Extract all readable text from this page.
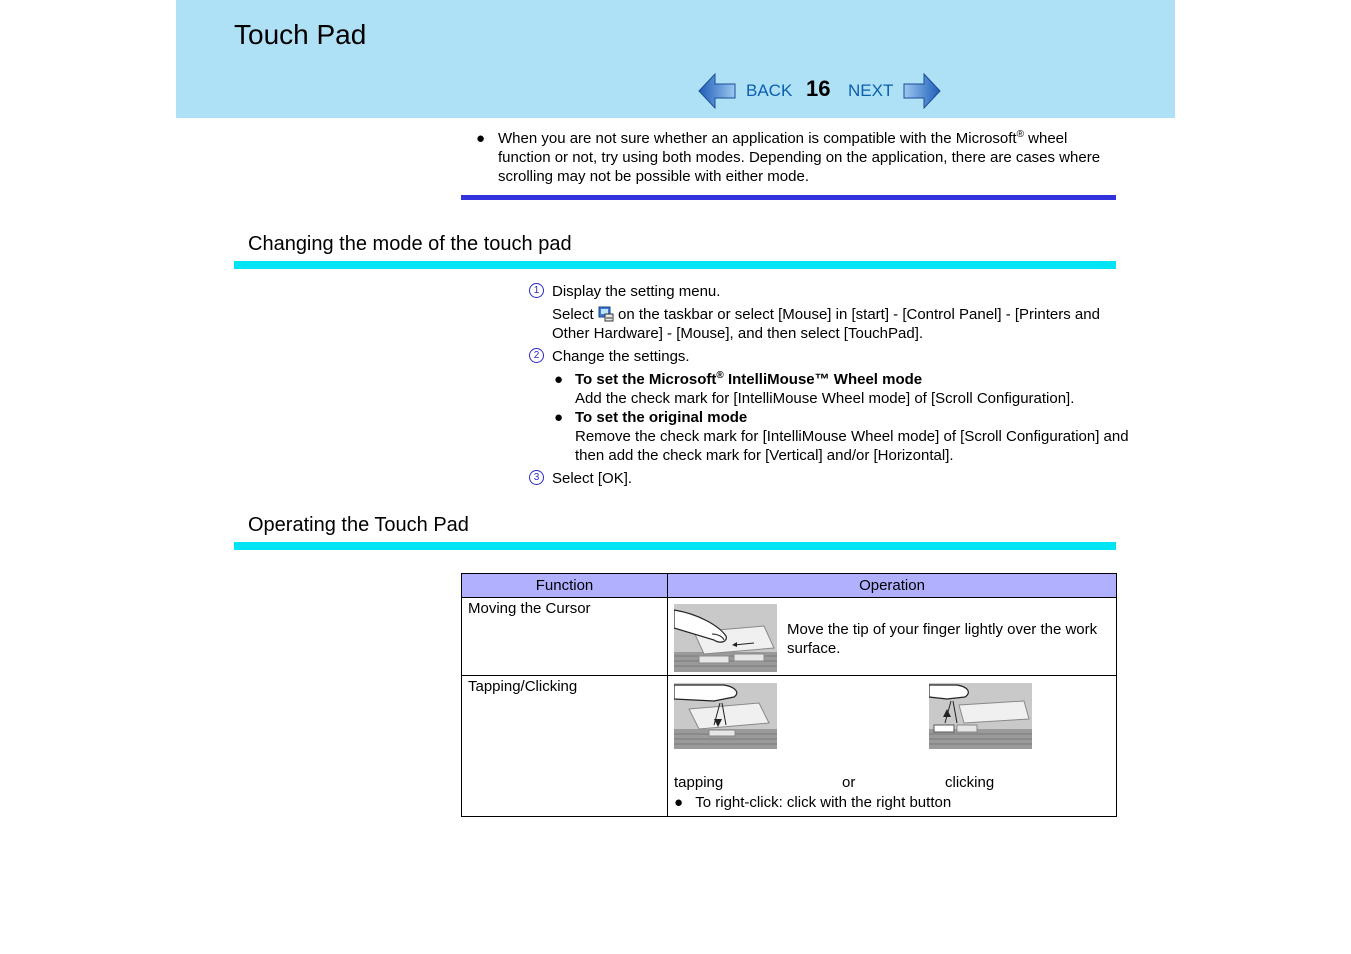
Touch Pad
BACK 16 NEXT
● When you are not sure whether an application is compatible with the Microsoft® wheel function or not, try using both modes. Depending on the application, there are cases where scrolling may not be possible with either mode.
Changing the mode of the touch pad
1 Display the setting menu.
Select  on the taskbar or select [Mouse] in [start] - [Control Panel] - [Printers and Other Hardware] - [Mouse], and then select [TouchPad].
2 Change the settings.
● To set the Microsoft® IntelliMouse™ Wheel mode
Add the check mark for [IntelliMouse Wheel mode] of [Scroll Configuration].
● To set the original mode
Remove the check mark for [IntelliMouse Wheel mode] of [Scroll Configuration] and then add the check mark for [Vertical] and/or [Horizontal].
3 Select [OK].
Operating the Touch Pad
Function	Operation

Moving the Cursor	Move the tip of your finger lightly over the work surface.

Tapping/Clicking	tapping or clicking
● To right-click: click with the right button
